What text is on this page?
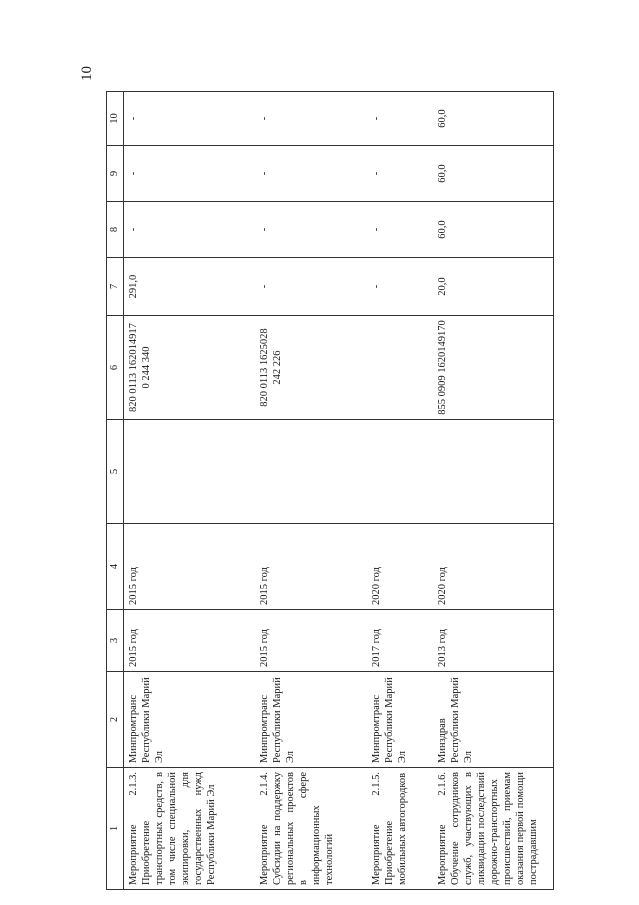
10
1	2	3	4	5	6	7	8	9	10
Мероприятие 2.1.3. Приобретение транспортных средств, в том числе специальной экипировки, для государственных нужд Республики Марий Эл	Минпромтранс Республики Марий Эл	2015 год	2015 год		820 0113 162014917 0 244 340	291,0	-	-	-
Мероприятие 2.1.4. Субсидии на поддержку региональных проектов в сфере информационных технологий	Минпромтранс Республики Марий Эл	2015 год	2015 год		820 0113 1625028 242 226	-	-	-	-
Мероприятие 2.1.5. Приобретение мобильных автогородков	Минпромтранс Республики Марий Эл	2017 год	2020 год			-	-	-	-
Мероприятие 2.1.6. Обучение сотрудников служб, участвующих в ликвидации последствий дорожно-транспортных происшествий, приемам оказания первой помощи пострадавшим	Минздрав Республики Марий Эл	2013 год	2020 год		855 0909 1620149170	20,0	60,0	60,0	60,0
